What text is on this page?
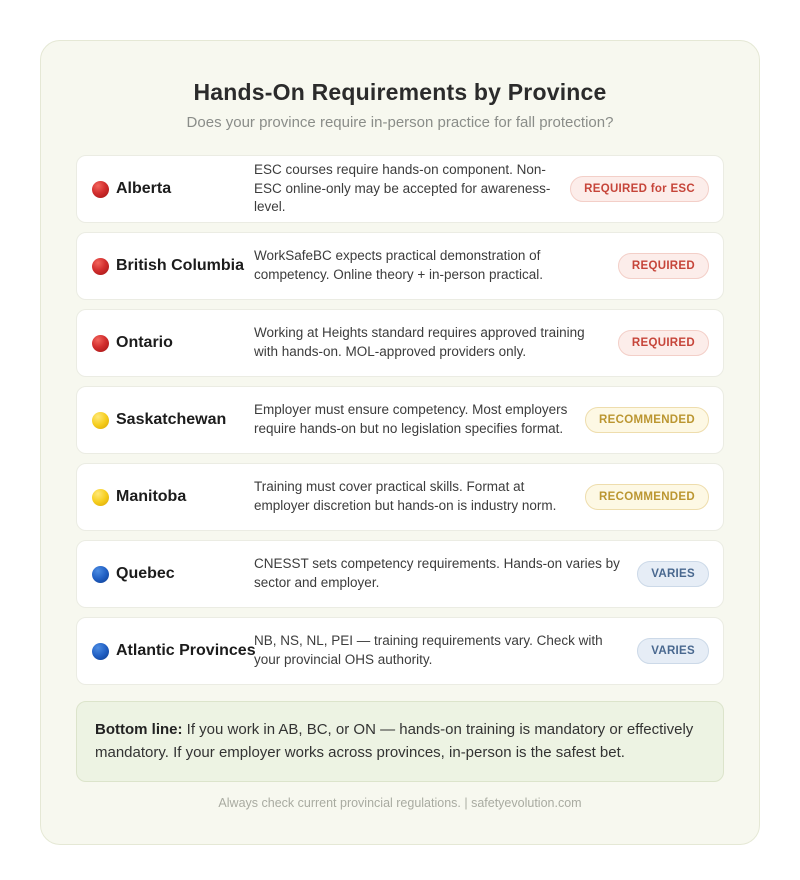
Hands-On Requirements by Province
Does your province require in-person practice for fall protection?
Alberta
ESC courses require hands-on component. Non-ESC online-only may be accepted for awareness-level.
REQUIRED for ESC
British Columbia
WorkSafeBC expects practical demonstration of competency. Online theory + in-person practical.
REQUIRED
Ontario
Working at Heights standard requires approved training with hands-on. MOL-approved providers only.
REQUIRED
Saskatchewan
Employer must ensure competency. Most employers require hands-on but no legislation specifies format.
RECOMMENDED
Manitoba
Training must cover practical skills. Format at employer discretion but hands-on is industry norm.
RECOMMENDED
Quebec
CNESST sets competency requirements. Hands-on varies by sector and employer.
VARIES
Atlantic Provinces
NB, NS, NL, PEI — training requirements vary. Check with your provincial OHS authority.
VARIES
Bottom line: If you work in AB, BC, or ON — hands-on training is mandatory or effectively mandatory. If your employer works across provinces, in-person is the safest bet.
Always check current provincial regulations. | safetyevolution.com
